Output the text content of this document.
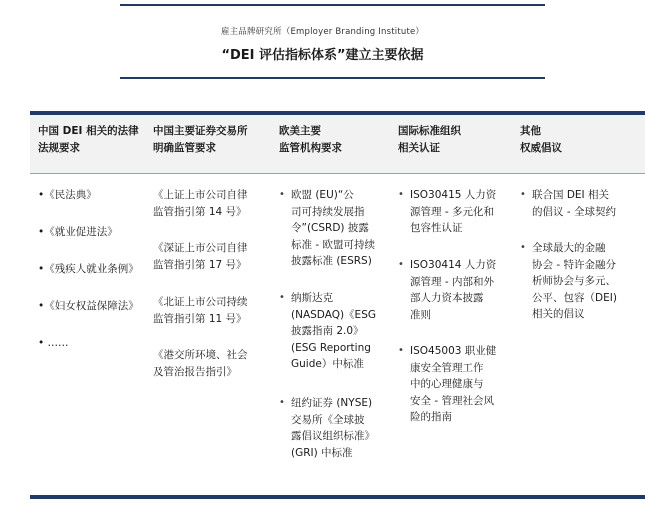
雇主品牌研究所（Employer Branding Institute）
“DEI 评估指标体系”建立主要依据
中国 DEI 相关的法律
法规要求
•《民法典》
•《就业促进法》
•《残疾人就业条例》
•《妇女权益保障法》
• ……
中国主要证券交易所
明确监管要求
《上证上市公司自律
监管指引第 14 号》
《深证上市公司自律
监管指引第 17 号》
《北证上市公司持续
监管指引第 11 号》
《港交所环境、社会
及管治报告指引》
欧美主要
监管机构要求
• 欧盟 (EU)“公
司可持续发展指
令”(CSRD) 披露
标准 - 欧盟可持续
披露标准 (ESRS)
• 纳斯达克
(NASDAQ)《ESG
披露指南 2.0》
(ESG Reporting
Guide）中标准
• 纽约证券 (NYSE)
交易所《全球披
露倡议组织标准》
(GRI) 中标准
国际标准组织
相关认证
• ISO30415 人力资
源管理 - 多元化和
包容性认证
• ISO30414 人力资
源管理 - 内部和外
部人力资本披露
准则
• ISO45003 职业健
康安全管理工作
中的心理健康与
安全 - 管理社会风
险的指南
其他
权威倡议
• 联合国 DEI 相关
的倡议 - 全球契约
• 全球最大的金融
协会 - 特许金融分
析师协会与多元、
公平、包容（DEI)
相关的倡议
